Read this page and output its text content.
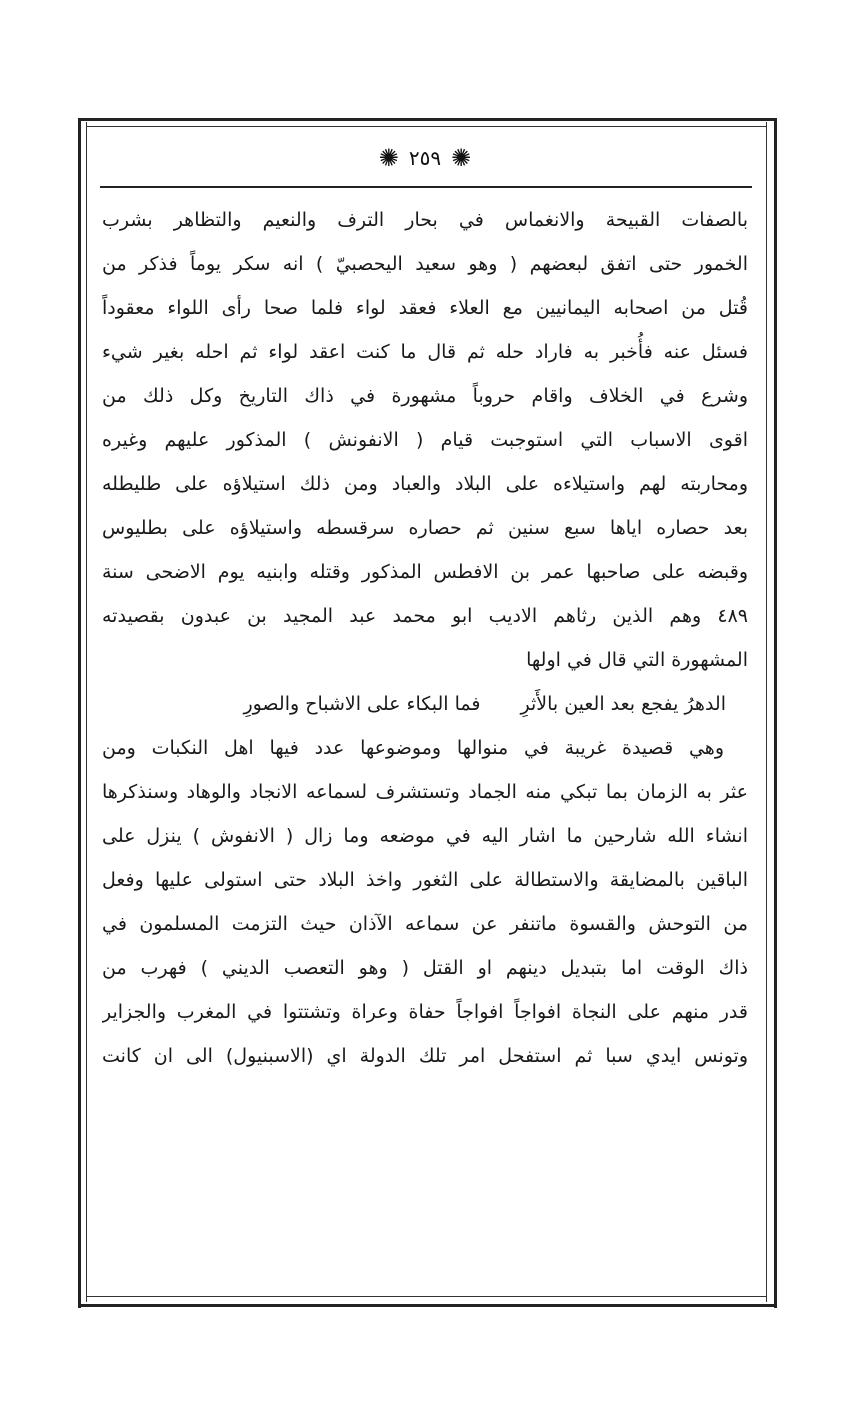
✺ ٢٥٩ ✺
بالصفات القبيحة والانغماس في بحار الترف والنعيم والتظاهر بشرب
الخمور حتى اتفق لبعضهم ( وهو سعيد اليحصبيّ ) انه سكر يوماً فذكر من
قُتل من اصحابه اليمانيين مع العلاء فعقد لواء فلما صحا رأى اللواء معقوداً
فسئل عنه فأُخبر به فاراد حله ثم قال ما كنت اعقد لواء ثم احله بغير شيء
وشرع في الخلاف واقام حروباً مشهورة في ذاك التاريخ وكل ذلك من
اقوى الاسباب التي استوجبت قيام ( الانفونش ) المذكور عليهم وغيره
ومحاربته لهم واستيلاءه على البلاد والعباد ومن ذلك استيلاؤه على طليطله
بعد حصاره اياها سبع سنين ثم حصاره سرقسطه واستيلاؤه على بطليوس
وقبضه على صاحبها عمر بن الافطس المذكور وقتله وابنيه يوم الاضحى سنة
٤٨٩ وهم الذين رثاهم الاديب ابو محمد عبد المجيد بن عبدون بقصيدته
المشهورة التي قال في اولها
الدهرُ يفجع بعد العين بالأَثرِ
فما البكاء على الاشباح والصورِ
وهي قصيدة غريبة في منوالها وموضوعها عدد فيها اهل النكبات ومن
عثر به الزمان بما تبكي منه الجماد وتستشرف لسماعه الانجاد والوهاد وسنذكرها
انشاء الله شارحين ما اشار اليه في موضعه وما زال ( الانفوش ) ينزل على
الباقين بالمضايقة والاستطالة على الثغور واخذ البلاد حتى استولى عليها وفعل
من التوحش والقسوة ماتنفر عن سماعه الآذان حيث التزمت المسلمون في
ذاك الوقت اما بتبديل دينهم او القتل ( وهو التعصب الديني ) فهرب من
قدر منهم على النجاة افواجاً افواجاً حفاة وعراة وتشتتوا في المغرب والجزاير
وتونس ايدي سبا ثم استفحل امر تلك الدولة اي (الاسبنيول) الى ان كانت
